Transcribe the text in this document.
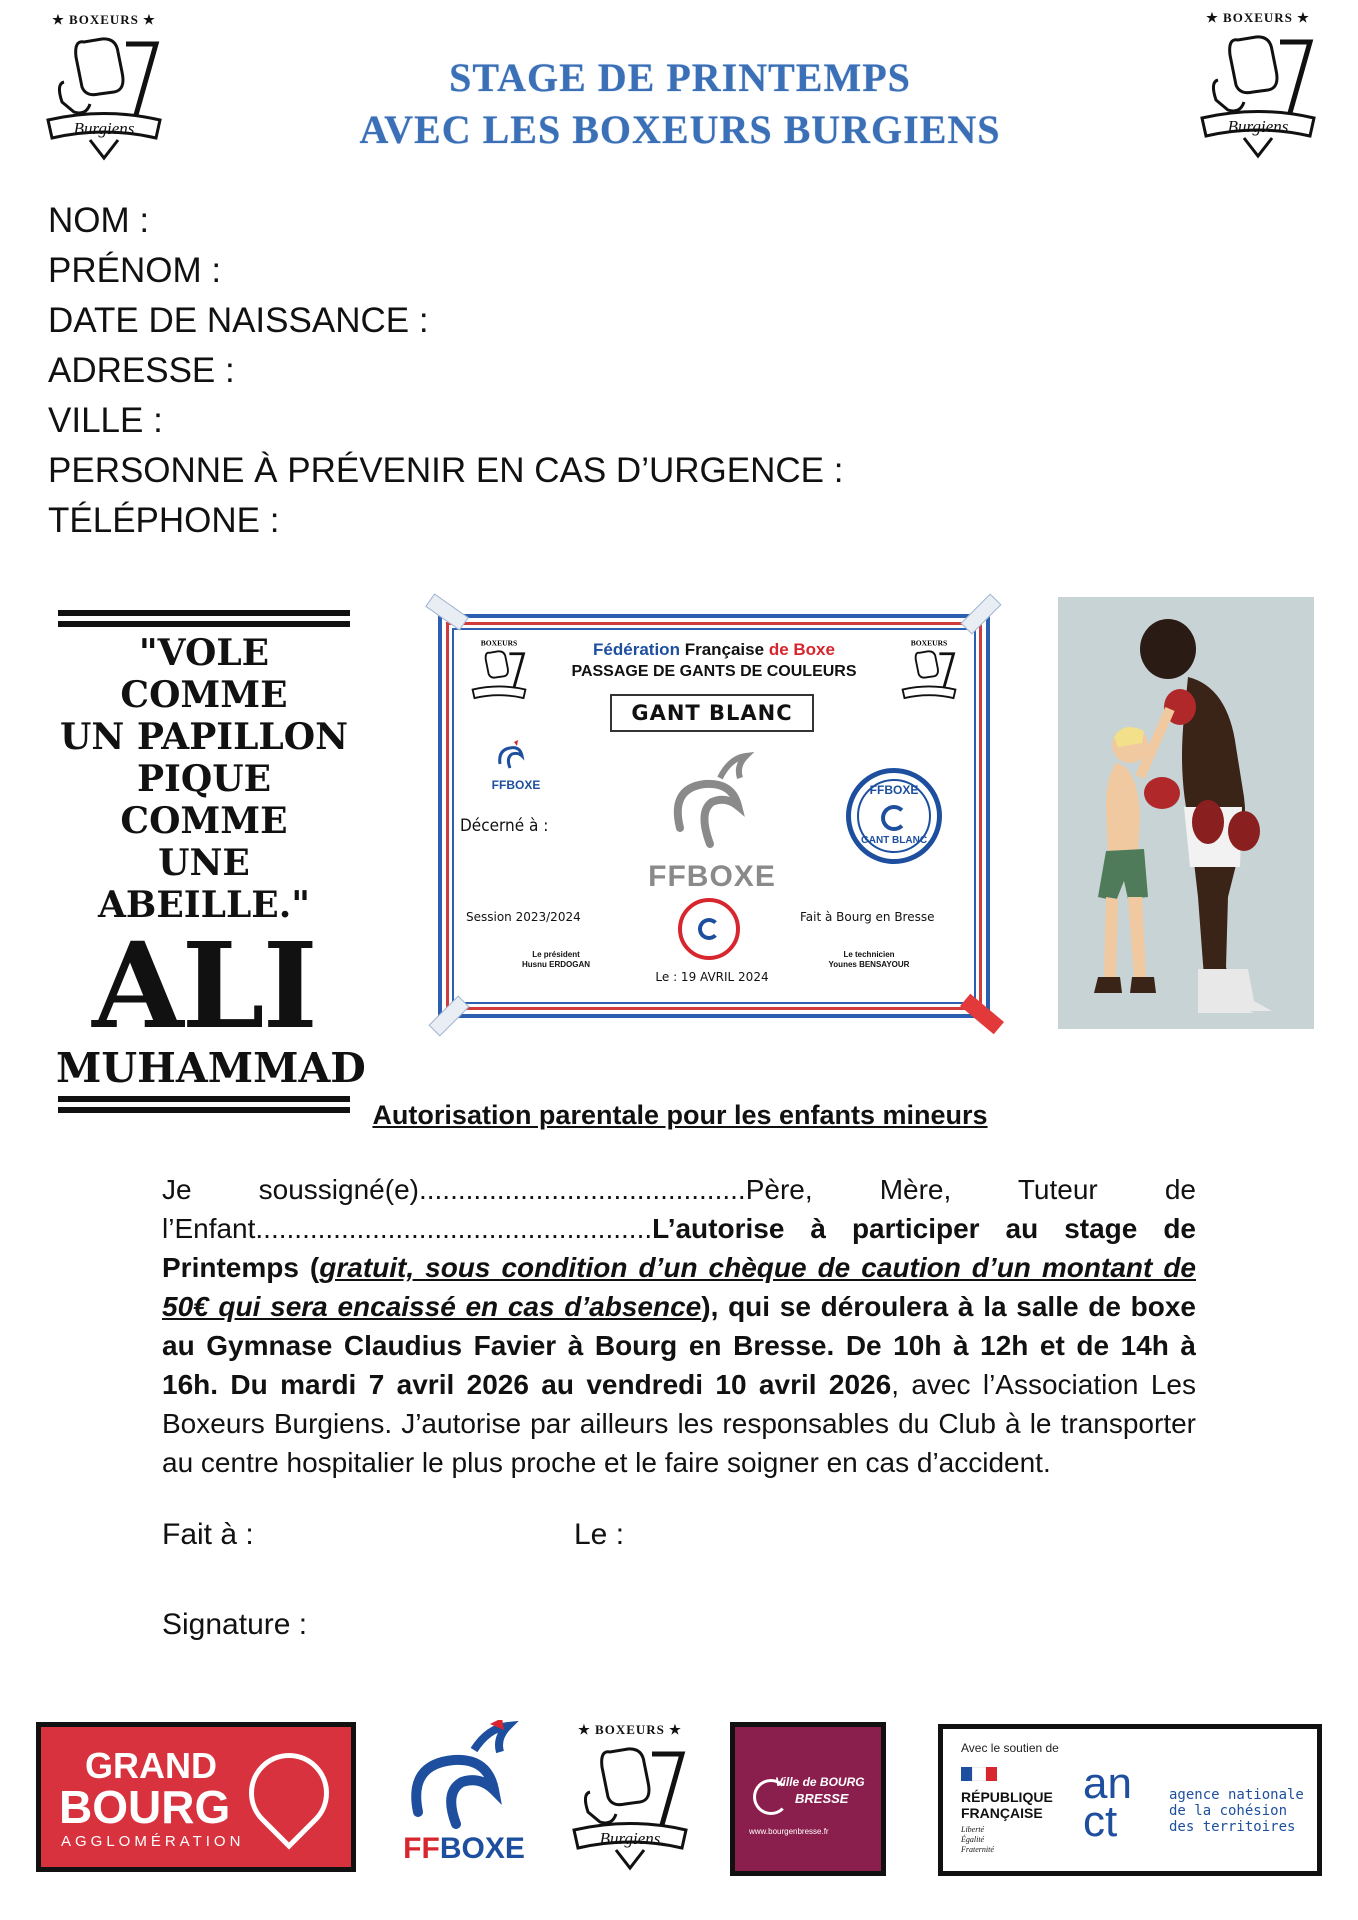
★ BOXEURS ★
Burgiens
★ BOXEURS ★
Burgiens
STAGE DE PRINTEMPS
AVEC LES BOXEURS BURGIENS
NOM :
PRÉNOM :
DATE DE NAISSANCE :
ADRESSE :
VILLE :
PERSONNE À PRÉVENIR EN CAS D’URGENCE :
TÉLÉPHONE :
"VOLE COMME
UN PAPILLON
PIQUE COMME
UNE ABEILLE."
ALI
MUHAMMAD
BOXEURS	BOXEURS
Fédération Française de Boxe
PASSAGE DE GANTS DE COULEURS
GANT BLANC
FFBOXE
Décerné à :
FFBOXE
FFBOXE
GANT BLANC
Session 2023/2024	Fait à Bourg en Bresse
Le président
Husnu ERDOGAN
Le : 19 AVRIL 2024
Le technicien
Younes BENSAYOUR
Autorisation parentale pour les enfants mineurs
Je soussigné(e)..........................................Père, Mère, Tuteur de l’Enfant...................................................L’autorise à participer au stage de Printemps (gratuit, sous condition d’un chèque de caution d’un montant de 50€ qui sera encaissé en cas d’absence), qui se déroulera à la salle de boxe au Gymnase Claudius Favier à Bourg en Bresse. De 10h à 12h et de 14h à 16h. Du mardi 7 avril 2026 au vendredi 10 avril 2026, avec l’Association Les Boxeurs Burgiens. J’autorise par ailleurs les responsables du Club à le transporter au centre hospitalier le plus proche et le faire soigner en cas d’accident.
Fait à :	Le :
Signature :
GRAND
BOURG
AGGLOMÉRATION	FFBOXE
★ BOXEURS ★
Burgiens
Ville de BOURG
BRESSE
www.bourgenbresse.fr
Avec le soutien de
RÉPUBLIQUE
FRANÇAISE
Liberté
Égalité
Fraternité
an
ct
agence nationale
de la cohésion
des territoires
